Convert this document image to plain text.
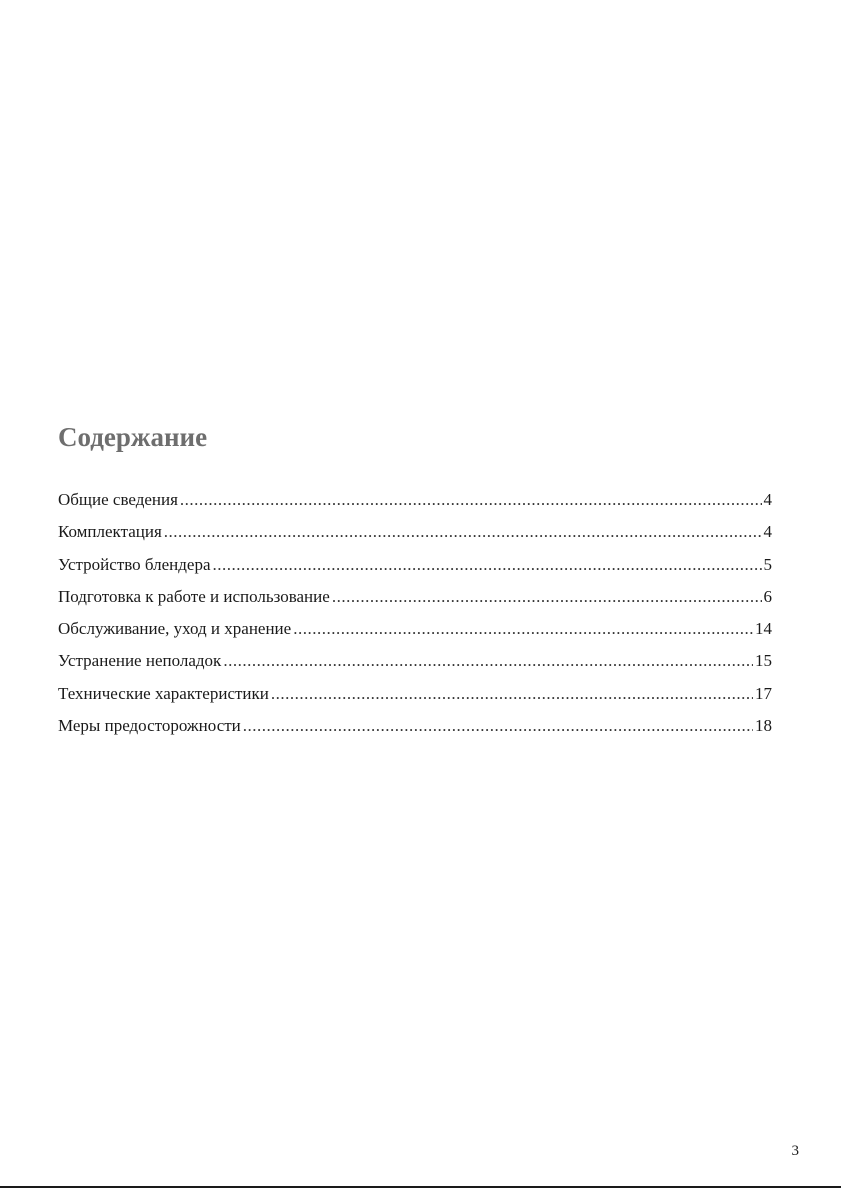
Содержание
Общие сведения .....	4
Комплектация .....	4
Устройство блендера .....	5
Подготовка к работе и использование .....	6
Обслуживание, уход и хранение .....	14
Устранение неполадок .....	15
Технические характеристики .....	17
Меры предосторожности .....	18
3
